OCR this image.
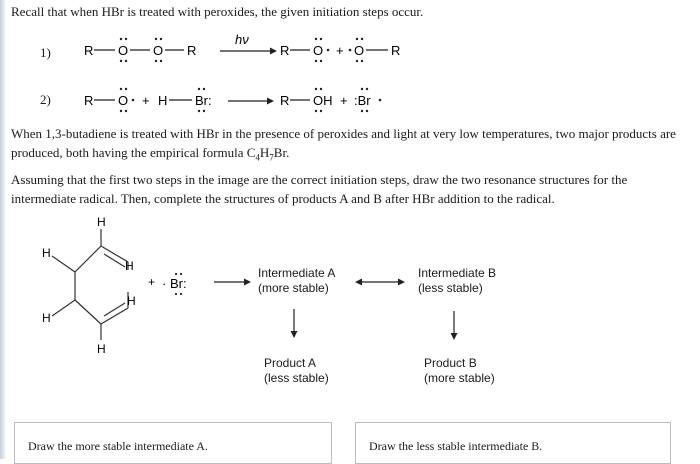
Recall that when HBr is treated with peroxides, the given initiation steps occur.
1)	R O O R
hν
R O + O R
2)	R O + H Br:	R OH + :Br
When 1,3-butadiene is treated with HBr in the presence of peroxides and light at very low temperatures, two major products are produced, both having the empirical formula $C_4H_7Br$.
Assuming that the first two steps in the image are the correct initiation steps, draw the two resonance structures for the intermediate radical. Then, complete the structures of products A and B after HBr addition to the radical.
H
H
H
H
H
H
+ · Br:
Intermediate A
(more stable)
Intermediate B
(less stable)
Product A
(less stable)
Product B
(more stable)
Draw the more stable intermediate A.	Draw the less stable intermediate B.
